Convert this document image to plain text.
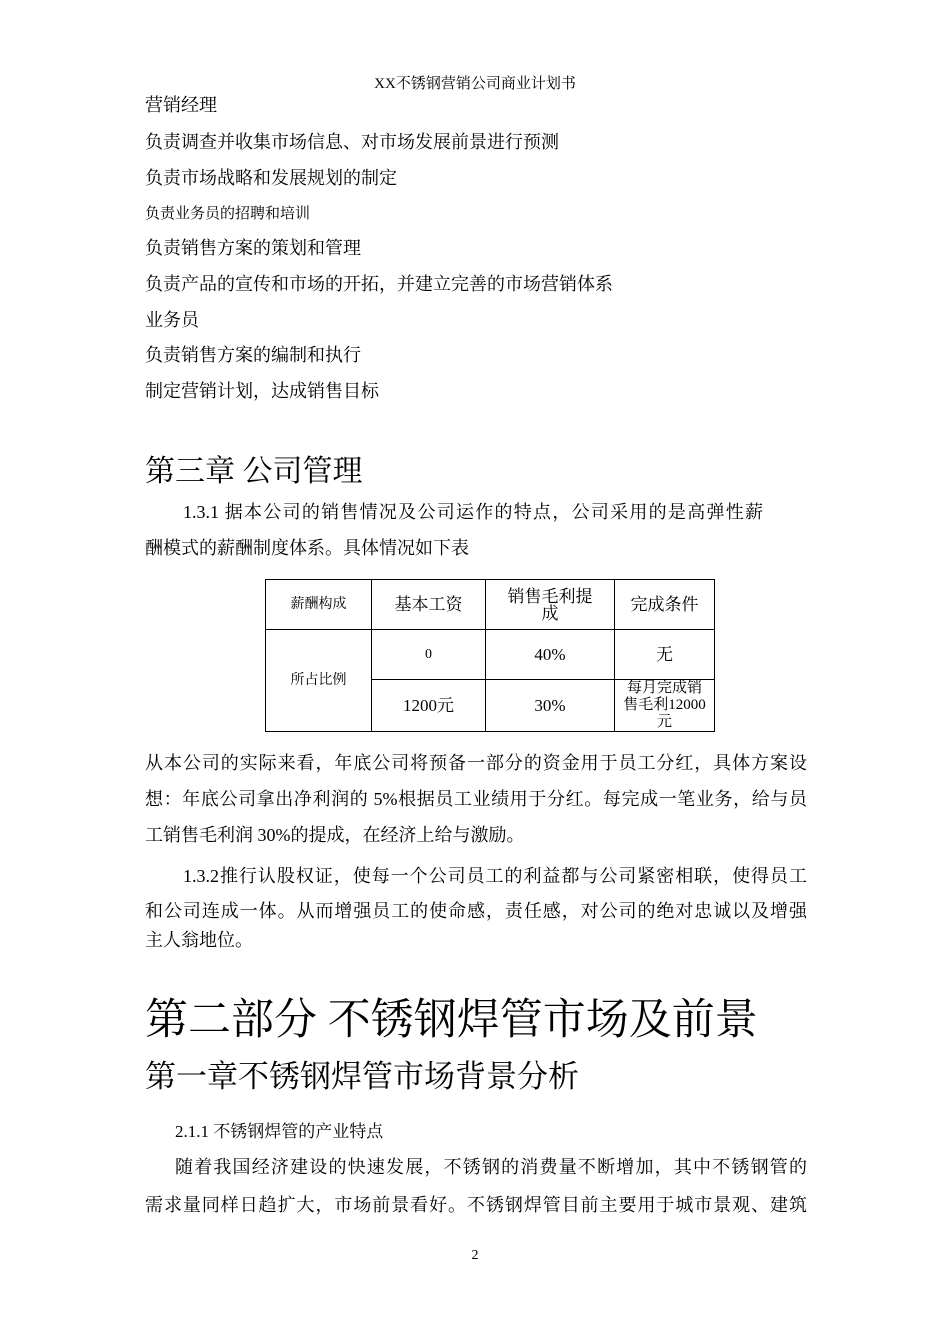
XX不锈钢营销公司商业计划书
营销经理
负责调查并收集市场信息、对市场发展前景进行预测
负责市场战略和发展规划的制定
负责业务员的招聘和培训
负责销售方案的策划和管理
负责产品的宣传和市场的开拓，并建立完善的市场营销体系
业务员
负责销售方案的编制和执行
制定营销计划，达成销售目标
第三章 公司管理
1.3.1 据本公司的销售情况及公司运作的特点，公司采用的是高弹性薪
酬模式的薪酬制度体系。具体情况如下表
薪酬构成	基本工资	销售毛利提成	完成条件
所占比例	0	40%	无
	1200元	30%	每月完成销售毛利12000元
从本公司的实际来看，年底公司将预备一部分的资金用于员工分红，具体方案设
想：年底公司拿出净利润的 5%根据员工业绩用于分红。每完成一笔业务，给与员
工销售毛利润 30%的提成，在经济上给与激励。
1.3.2推行认股权证，使每一个公司员工的利益都与公司紧密相联，使得员工
和公司连成一体。从而增强员工的使命感，责任感，对公司的绝对忠诚以及增强
主人翁地位。
第二部分 不锈钢焊管市场及前景
第一章不锈钢焊管市场背景分析
2.1.1 不锈钢焊管的产业特点
随着我国经济建设的快速发展，不锈钢的消费量不断增加，其中不锈钢管的
需求量同样日趋扩大，市场前景看好。不锈钢焊管目前主要用于城市景观、建筑
2
